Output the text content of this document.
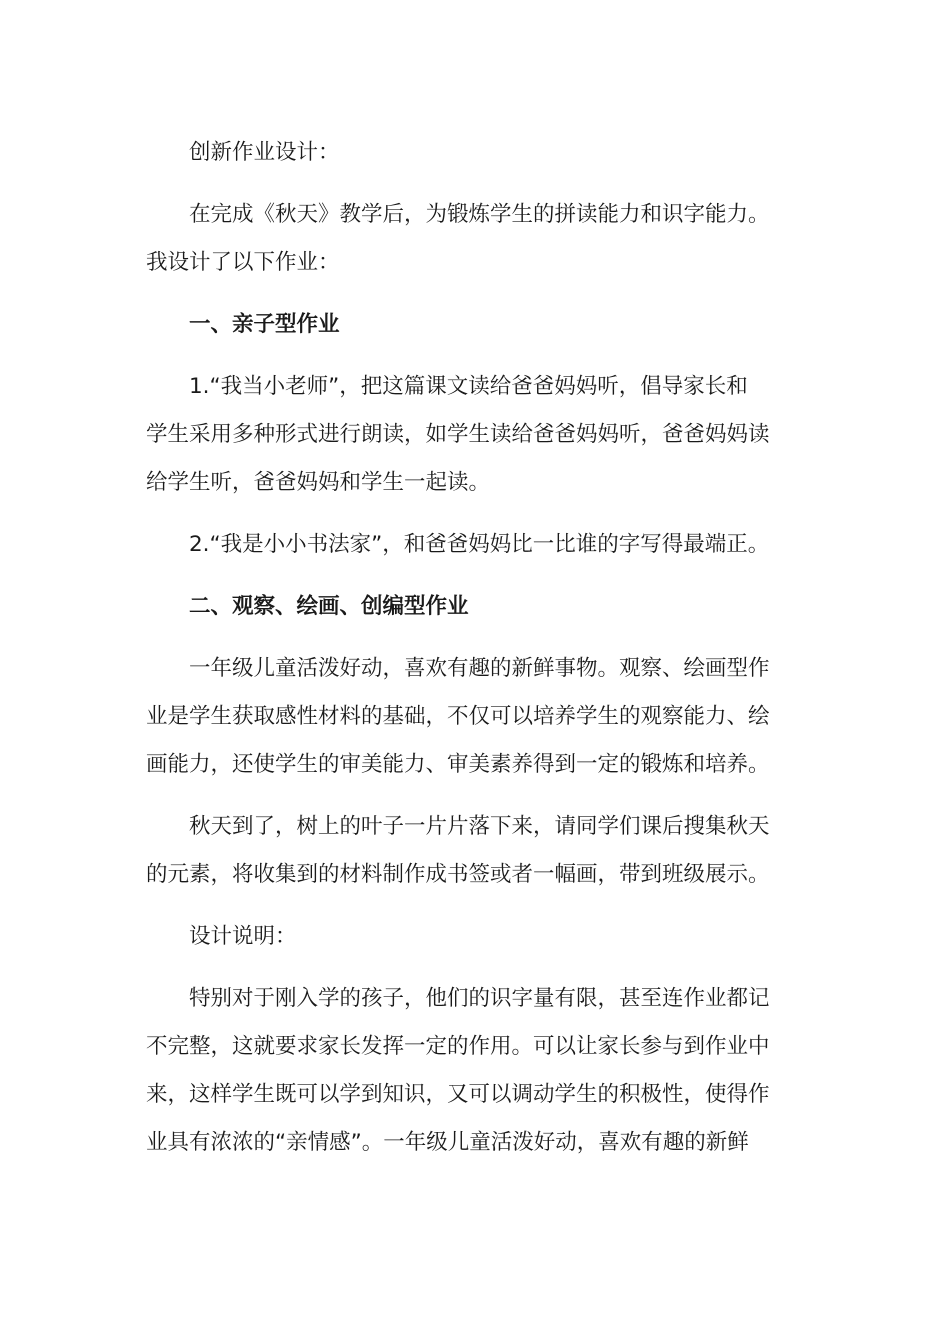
创新作业设计：
在完成《秋天》教学后，为锻炼学生的拼读能力和识字能力。
我设计了以下作业：
一、亲子型作业
1.“我当小老师”，把这篇课文读给爸爸妈妈听，倡导家长和
学生采用多种形式进行朗读，如学生读给爸爸妈妈听，爸爸妈妈读
给学生听，爸爸妈妈和学生一起读。
2.“我是小小书法家”，和爸爸妈妈比一比谁的字写得最端正。
二、观察、绘画、创编型作业
一年级儿童活泼好动，喜欢有趣的新鲜事物。观察、绘画型作
业是学生获取感性材料的基础，不仅可以培养学生的观察能力、绘
画能力，还使学生的审美能力、审美素养得到一定的锻炼和培养。
秋天到了，树上的叶子一片片落下来，请同学们课后搜集秋天
的元素，将收集到的材料制作成书签或者一幅画，带到班级展示。
设计说明：
特别对于刚入学的孩子，他们的识字量有限，甚至连作业都记
不完整，这就要求家长发挥一定的作用。可以让家长参与到作业中
来，这样学生既可以学到知识，又可以调动学生的积极性，使得作
业具有浓浓的“亲情感”。一年级儿童活泼好动，喜欢有趣的新鲜
